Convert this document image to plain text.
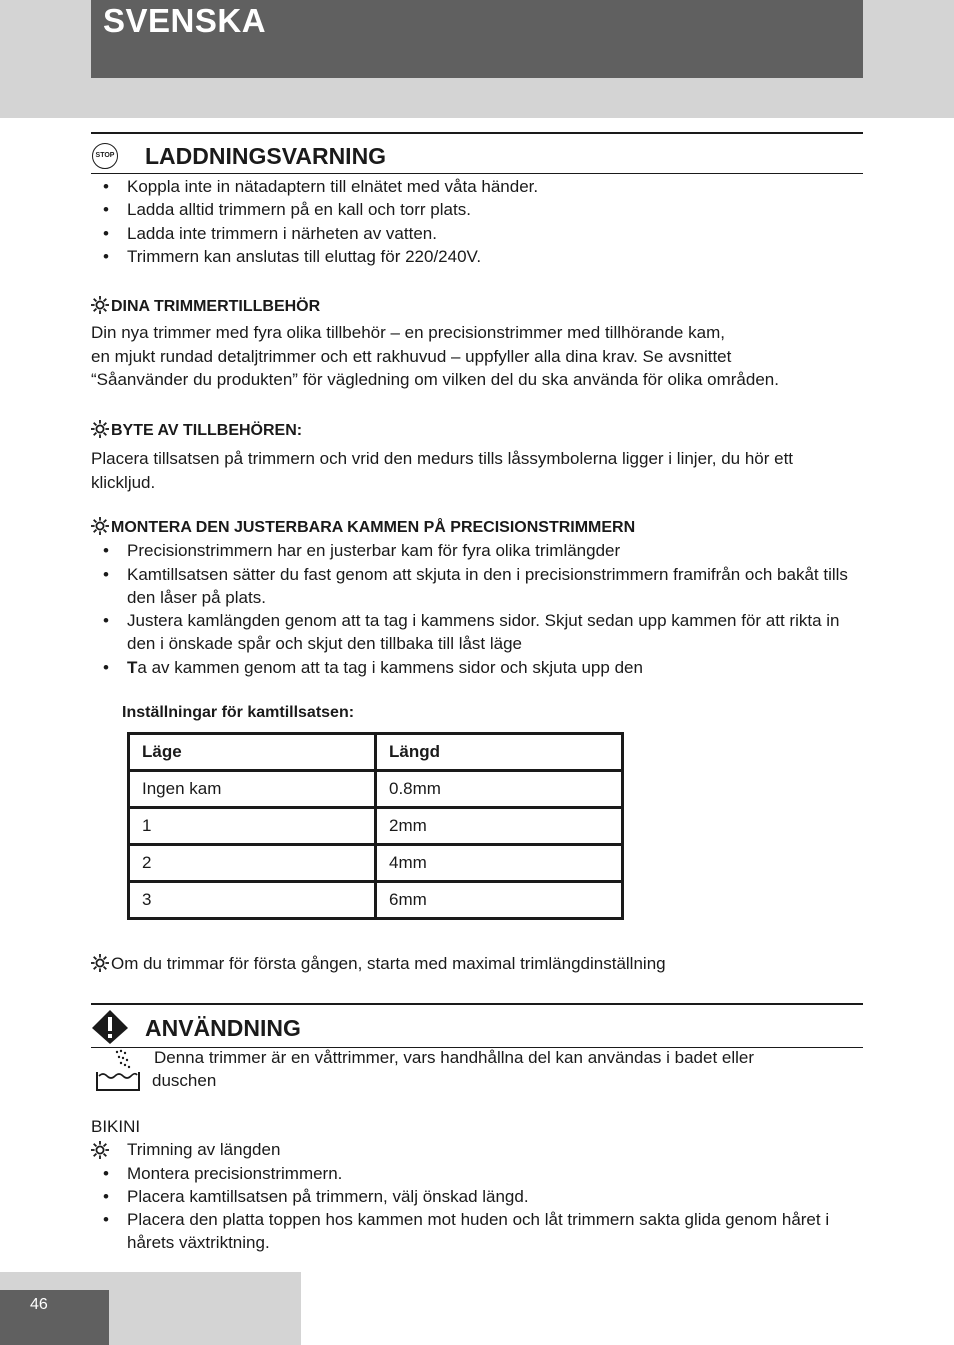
SVENSKA
STOP LADDNINGSVARNING
• Koppla inte in nätadaptern till elnätet med våta händer.
• Ladda alltid trimmern på en kall och torr plats.
• Ladda inte trimmern i närheten av vatten.
• Trimmern kan anslutas till eluttag för 220/240V.
DINA TRIMMERTILLBEHÖR

Din nya trimmer med fyra olika tillbehör – en precisionstrimmer med tillhörande kam,

en mjukt rundad detaljtrimmer och ett rakhuvud – uppfyller alla dina krav. Se avsnittet

“Såanvänder du produkten” för vägledning om vilken del du ska använda för olika områden.

BYTE AV TILLBEHÖREN:

Placera tillsatsen på trimmern och vrid den medurs tills låssymbolerna ligger i linjer, du hör ett

klickljud.

MONTERA DEN JUSTERBARA KAMMEN PÅ PRECISIONSTRIMMERN
• Precisionstrimmern har en justerbar kam för fyra olika trimlängder
• Kamtillsatsen sätter du fast genom att skjuta in den i precisionstrimmern framifrån och bakåt tills den låser på plats.
• Justera kamlängden genom att ta tag i kammens sidor. Skjut sedan upp kammen för att rikta in den i önskade spår och skjut den tillbaka till låst läge
• Ta av kammen genom att ta tag i kammens sidor och skjuta upp den
Inställningar för kamtillsatsen:
Läge	Längd
Ingen kam	0.8mm
1	2mm
2	4mm
3	6mm
Om du trimmar för första gången, starta med maximal trimlängdinställning
ANVÄNDNING

Denna trimmer är en våttrimmer, vars handhållna del kan användas i badet eller

duschen

BIKINI

Trimning av längden
• Montera precisionstrimmern.
• Placera kamtillsatsen på trimmern, välj önskad längd.
• Placera den platta toppen hos kammen mot huden och låt trimmern sakta glida genom håret i hårets växtriktning.
46
